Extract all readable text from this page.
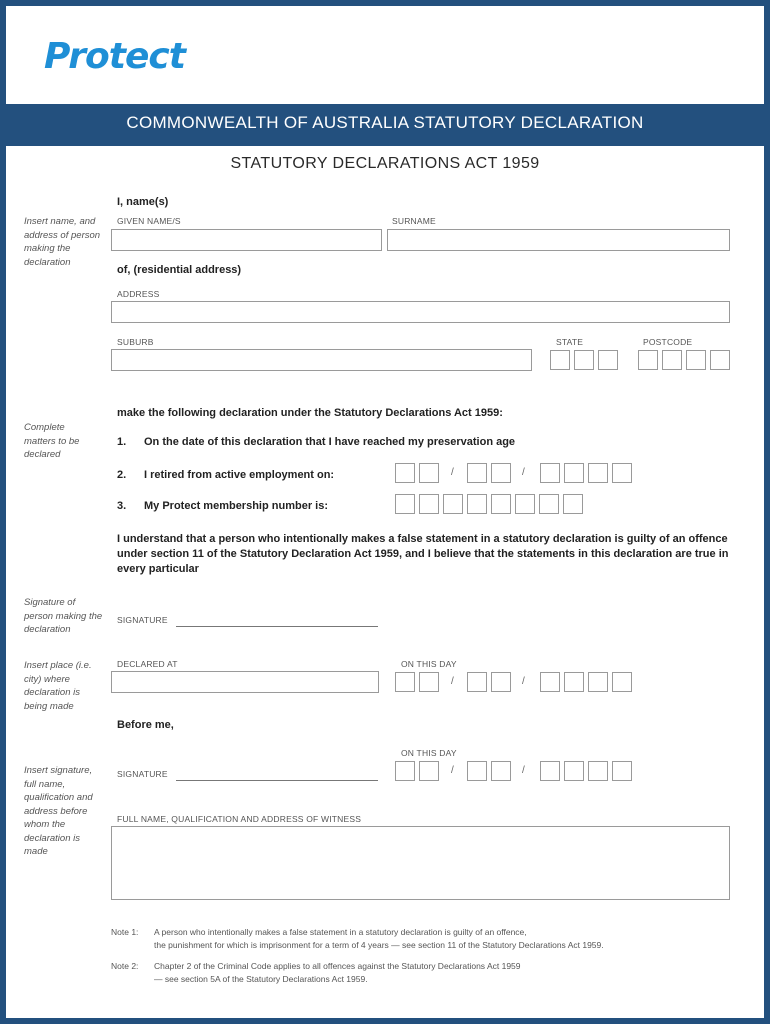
Protect
COMMONWEALTH OF AUSTRALIA STATUTORY DECLARATION
STATUTORY DECLARATIONS ACT 1959
Insert name, and address of person making the declaration
Complete matters to be declared
Signature of person making the declaration
Insert place (i.e. city) where declaration is being made
Insert signature, full name, qualification and address before whom the declaration is made
I, name(s)
GIVEN NAME/S	SURNAME
of, (residential address)
ADDRESS
SUBURB	STATE	POSTCODE
make the following declaration under the Statutory Declarations Act 1959:
1. On the date of this declaration that I have reached my preservation age
2. I retired from active employment on:	/	/
3. My Protect membership number is:
I understand that a person who intentionally makes a false statement in a statutory declaration is guilty of an offence under section 11 of the Statutory Declaration Act 1959, and I believe that the statements in this declaration are true in every particular
SIGNATURE
DECLARED AT	ON THIS DAY
/	/
Before me,
ON THIS DAY
SIGNATURE	/	/
FULL NAME, QUALIFICATION AND ADDRESS OF WITNESS
Note 1: A person who intentionally makes a false statement in a statutory declaration is guilty of an offence,
the punishment for which is imprisonment for a term of 4 years — see section 11 of the Statutory Declarations Act 1959.
Note 2: Chapter 2 of the Criminal Code applies to all offences against the Statutory Declarations Act 1959
— see section 5A of the Statutory Declarations Act 1959.
